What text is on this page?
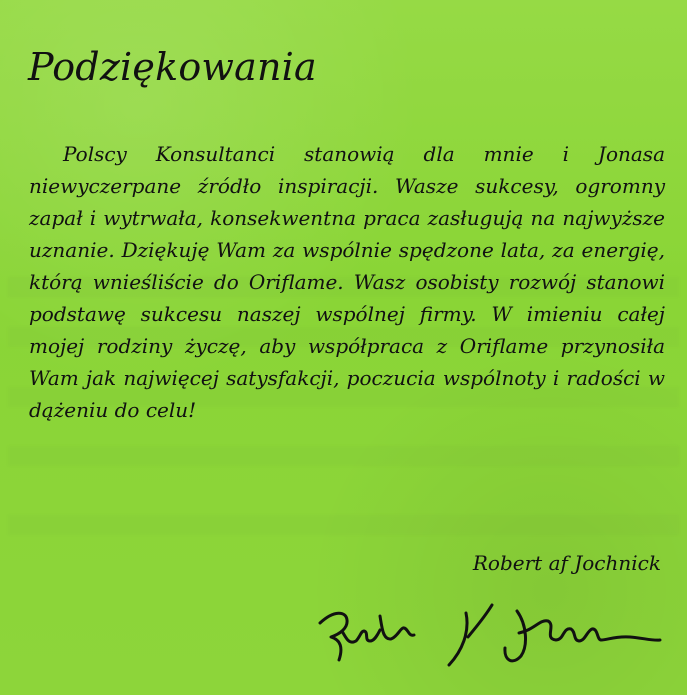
Podziękowania

Polscy Konsultanci stanowią dla mnie i Jonasa niewyczerpane źródło inspiracji. Wasze sukcesy, ogromny zapał i wytrwała, konsekwentna praca zasługują na najwyższe uznanie. Dziękuję Wam za wspólnie spędzone lata, za energię, którą wnieśliście do Oriflame. Wasz osobisty rozwój stanowi podstawę sukcesu naszej wspólnej firmy. W imieniu całej mojej rodziny życzę, aby współpraca z Oriflame przynosiła Wam jak najwięcej satysfakcji, poczucia wspólnoty i radości w dążeniu do celu!

Robert af Jochnick
